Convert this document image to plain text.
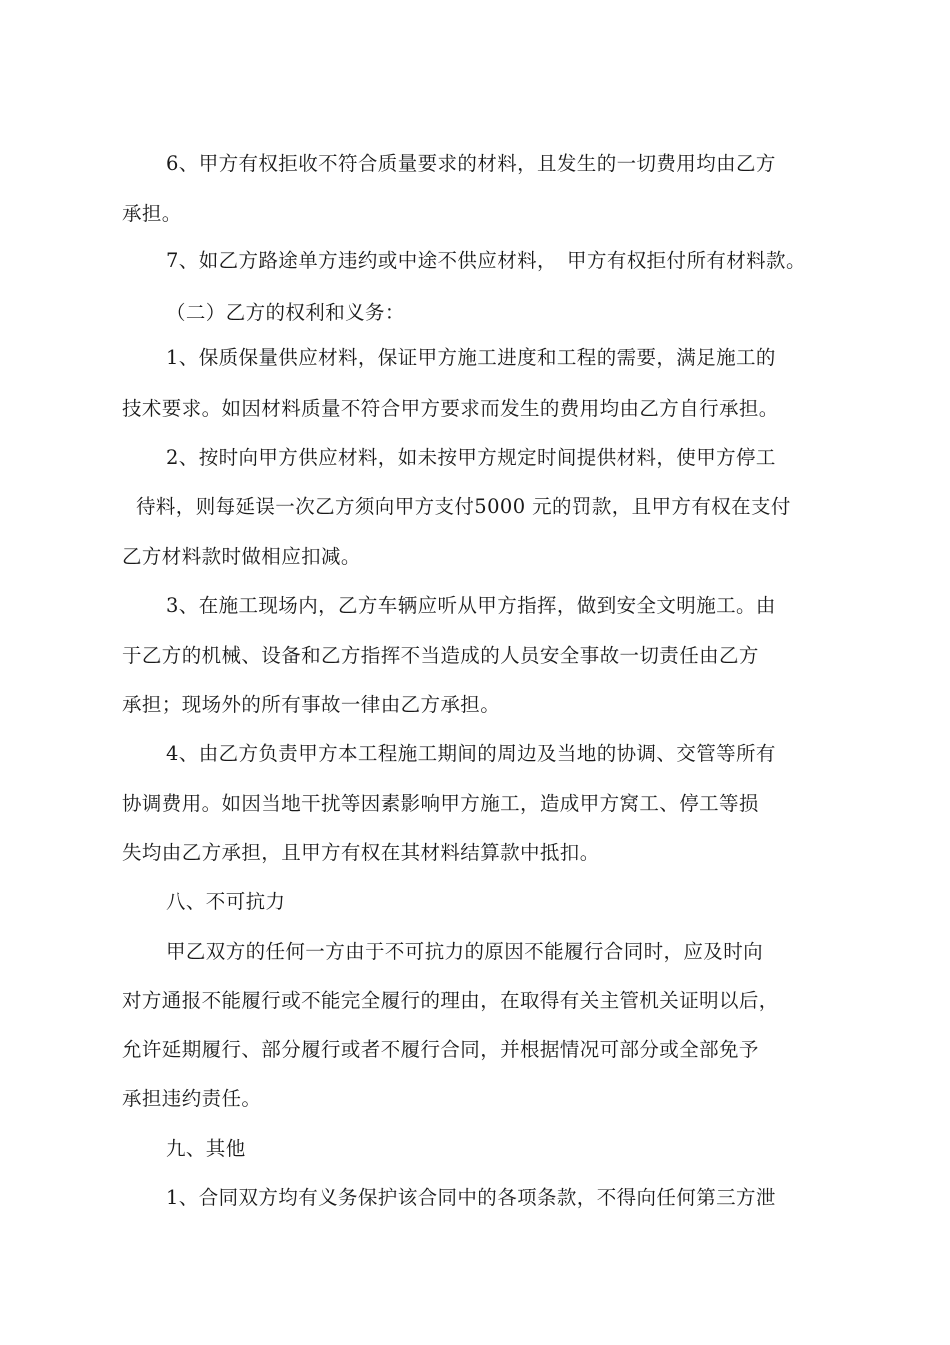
6、甲方有权拒收不符合质量要求的材料，且发生的一切费用均由乙方
承担。
7、如乙方路途单方违约或中途不供应材料，　甲方有权拒付所有材料款。
（二）乙方的权利和义务：
1、保质保量供应材料，保证甲方施工进度和工程的需要，满足施工的
技术要求。如因材料质量不符合甲方要求而发生的费用均由乙方自行承担。
2、按时向甲方供应材料，如未按甲方规定时间提供材料，使甲方停工
待料，则每延误一次乙方须向甲方支付5000 元的罚款，且甲方有权在支付
乙方材料款时做相应扣减。
3、在施工现场内，乙方车辆应听从甲方指挥，做到安全文明施工。由
于乙方的机械、设备和乙方指挥不当造成的人员安全事故一切责任由乙方
承担；现场外的所有事故一律由乙方承担。
4、由乙方负责甲方本工程施工期间的周边及当地的协调、交管等所有
协调费用。如因当地干扰等因素影响甲方施工，造成甲方窝工、停工等损
失均由乙方承担，且甲方有权在其材料结算款中抵扣。
八、不可抗力
甲乙双方的任何一方由于不可抗力的原因不能履行合同时，应及时向
对方通报不能履行或不能完全履行的理由，在取得有关主管机关证明以后，
允许延期履行、部分履行或者不履行合同，并根据情况可部分或全部免予
承担违约责任。
九、其他
1、合同双方均有义务保护该合同中的各项条款，不得向任何第三方泄
